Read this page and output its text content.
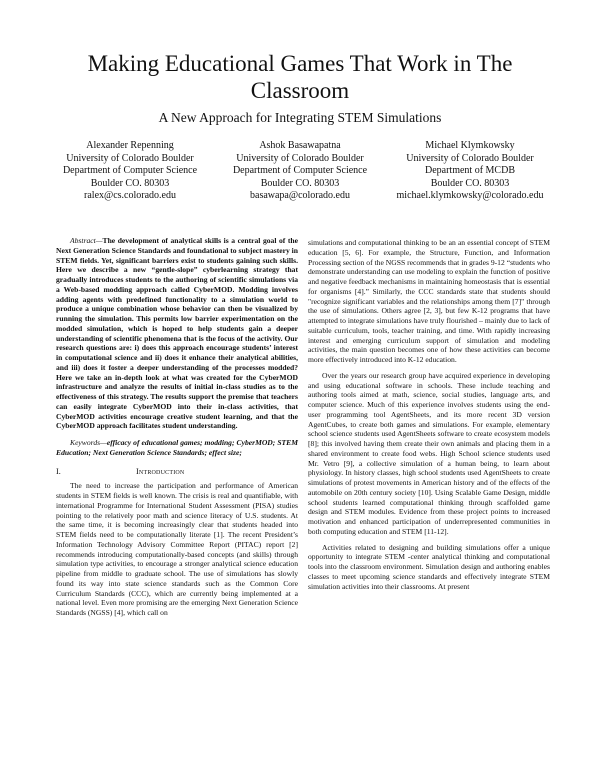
Making Educational Games That Work in The Classroom
A New Approach for Integrating STEM Simulations
Alexander Repenning
University of Colorado Boulder
Department of Computer Science
Boulder CO. 80303
ralex@cs.colorado.edu
Ashok Basawapatna
University of Colorado Boulder
Department of Computer Science
Boulder CO. 80303
basawapa@colorado.edu
Michael Klymkowsky
University of Colorado Boulder
Department of MCDB
Boulder CO. 80303
michael.klymkowsky@colorado.edu

Abstract—The development of analytical skills is a central goal of the Next Generation Science Standards and foundational to subject mastery in STEM fields. Yet, significant barriers exist to students gaining such skills. Here we describe a new “gentle-slope” cyberlearning strategy that gradually introduces students to the authoring of scientific simulations via a Web-based modding approach called CyberMOD. Modding involves adding agents with predefined functionality to a simulation world to produce a unique combination whose behavior can then be visualized by running the simulation. This permits low barrier experimentation on the modded simulation, which is hoped to help students gain a deeper understanding of scientific phenomena that is the focus of the activity. Our research questions are: i) does this approach encourage students’ interest in computational science and ii) does it enhance their analytical abilities, and iii) does it foster a deeper understanding of the processes modded? Here we take an in-depth look at what was created for the CyberMOD infrastructure and analyze the results of initial in-class studies as to the effectiveness of this strategy. The results support the premise that teachers can easily integrate CyberMOD into their in-class activities, that CyberMOD activities encourage creative student learning, and that the CyberMOD approach facilitates student understanding.

Keywords—efficacy of educational games; modding; CyberMOD; STEM Education; Next Generation Science Standards; effect size;

I.	Introduction

The need to increase the participation and performance of American students in STEM fields is well known. The crisis is real and quantifiable, with international Programme for International Student Assessment (PISA) studies pointing to the relatively poor math and science literacy of U.S. students. At the same time, it is becoming increasingly clear that students headed into STEM fields need to be computationally literate [1]. The recent President’s Information Technology Advisory Committee Report (PITAC) report [2] recommends introducing computationally-based concepts (and skills) through simulation type activities, to encourage a stronger analytical science education pipeline from middle to graduate school. The use of simulations has slowly found its way into state science standards such as the Common Core Curriculum Standards (CCC), which are currently being implemented at a national level. Even more promising are the emerging Next Generation Science Standards (NGSS) [4], which call on

simulations and computational thinking to be an an essential concept of STEM education [5, 6]. For example, the Structure, Function, and Information Processing section of the NGSS recommends that in grades 9-12 “students who demonstrate understanding can use modeling to explain the function of positive and negative feedback mechanisms in maintaining homeostasis that is essential for organisms [4].” Similarly, the CCC standards state that students should "recognize significant variables and the relationships among them [7]" through the use of simulations. Others agree [2, 3], but few K-12 programs that have attempted to integrate simulations have truly flourished – mainly due to lack of suitable curriculum, tools, teacher training, and time. With rapidly increasing interest and emerging curriculum support of simulation and modeling activities, the main question becomes one of how these activities can become more effectively introduced into K-12 education.

Over the years our research group have acquired experience in developing and using educational software in schools. These include teaching and authoring tools aimed at math, science, social studies, language arts, and computer science. Much of this experience involves students using the end-user programming tool AgentSheets, and its more recent 3D version AgentCubes, to create both games and simulations. For example, elementary school science students used AgentSheets software to create ecosystem models [8]; this involved having them create their own animals and placing them in a shared environment to create food webs. High School science students used Mr. Vetro [9], a collective simulation of a human being, to learn about physiology. In history classes, high school students used AgentSheets to create simulations of protest movements in American history and of the effects of the automobile on 20th century society [10]. Using Scalable Game Design, middle school students learned computational thinking through scaffolded game design and STEM modules. Evidence from these project points to increased motivation and enhanced participation of underrepresented communities in both computing education and STEM [11-12].

Activities related to designing and building simulations offer a unique opportunity to integrate STEM -center analytical thinking and computational tools into the classroom environment. Simulation design and authoring enables classes to meet upcoming science standards and effectively integrate STEM simulation activities into their classrooms. At present
